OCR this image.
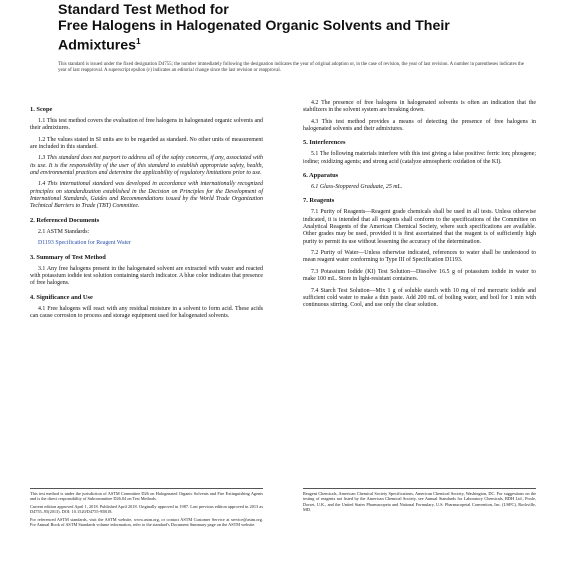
Standard Test Method for
Free Halogens in Halogenated Organic Solvents and Their
Admixtures$^1$
This standard is issued under the fixed designation D4755; the number immediately following the designation indicates the year of original adoption or, in the case of revision, the year of last revision. A number in parentheses indicates the year of last reapproval. A superscript epsilon (ε) indicates an editorial change since the last revision or reapproval.
1. Scope

1.1 This test method covers the evaluation of free halogens in halogenated organic solvents and their admixtures.

1.2 The values stated in SI units are to be regarded as standard. No other units of measurement are included in this standard.

1.3 This standard does not purport to address all of the safety concerns, if any, associated with its use. It is the responsibility of the user of this standard to establish appropriate safety, health, and environmental practices and determine the applicability of regulatory limitations prior to use.

1.4 This international standard was developed in accordance with internationally recognized principles on standardization established in the Decision on Principles for the Development of International Standards, Guides and Recommendations issued by the World Trade Organization Technical Barriers to Trade (TBT) Committee.

2. Referenced Documents

2.1 ASTM Standards:

D1193 Specification for Reagent Water
3. Summary of Test Method

3.1 Any free halogens present in the halogenated solvent are extracted with water and reacted with potassium iodide test solution containing starch indicator. A blue color indicates that presence of free halogens.

4. Significance and Use

4.1 Free halogens will react with any residual moisture in a solvent to form acid. These acids can cause corrosion to process and storage equipment used for halogenated solvents.

4.2 The presence of free halogens in halogenated solvents is often an indication that the stabilizers in the solvent system are breaking down.

4.3 This test method provides a means of detecting the presence of free halogens in halogenated solvents and their admixtures.

5. Interferences

5.1 The following materials interfere with this test giving a false positive: ferric ion; phosgene; iodine; oxidizing agents; and strong acid (catalyze atmospheric oxidation of the KI).

6. Apparatus

6.1 Glass-Stoppered Graduate, 25 mL.

7. Reagents

7.1 Purity of Reagents—Reagent grade chemicals shall be used in all tests. Unless otherwise indicated, it is intended that all reagents shall conform to the specifications of the Committee on Analytical Reagents of the American Chemical Society, where such specifications are available. Other grades may be used, provided it is first ascertained that the reagent is of sufficiently high purity to permit its use without lessening the accuracy of the determination.

7.2 Purity of Water—Unless otherwise indicated, references to water shall be understood to mean reagent water conforming to Type III of Specification D1193.

7.3 Potassium Iodide (KI) Test Solution—Dissolve 16.5 g of potassium iodide in water to make 100 mL. Store in light-resistant containers.

7.4 Starch Test Solution—Mix 1 g of soluble starch with 10 mg of red mercuric iodide and sufficient cold water to make a thin paste. Add 200 mL of boiling water, and boil for 1 min with continuous stirring. Cool, and use only the clear solution.

This test method is under the jurisdiction of ASTM Committee D26 on Halogenated Organic Solvents and Fire Extinguishing Agents and is the direct responsibility of Subcommittee D26.04 on Test Methods.

Current edition approved April 1, 2018. Published April 2018. Originally approved in 1987. Last previous edition approved in 2013 as D4755–95(2013). DOI: 10.1520/D4755-95R18.

For referenced ASTM standards, visit the ASTM website, www.astm.org, or contact ASTM Customer Service at service@astm.org. For Annual Book of ASTM Standards volume information, refer to the standard's Document Summary page on the ASTM website.

Reagent Chemicals, American Chemical Society Specifications, American Chemical Society, Washington, DC. For suggestions on the testing of reagents not listed by the American Chemical Society, see Annual Standards for Laboratory Chemicals, BDH Ltd., Poole, Dorset, U.K., and the United States Pharmacopeia and National Formulary, U.S. Pharmacopeial Convention, Inc. (USPC), Rockville, MD.
